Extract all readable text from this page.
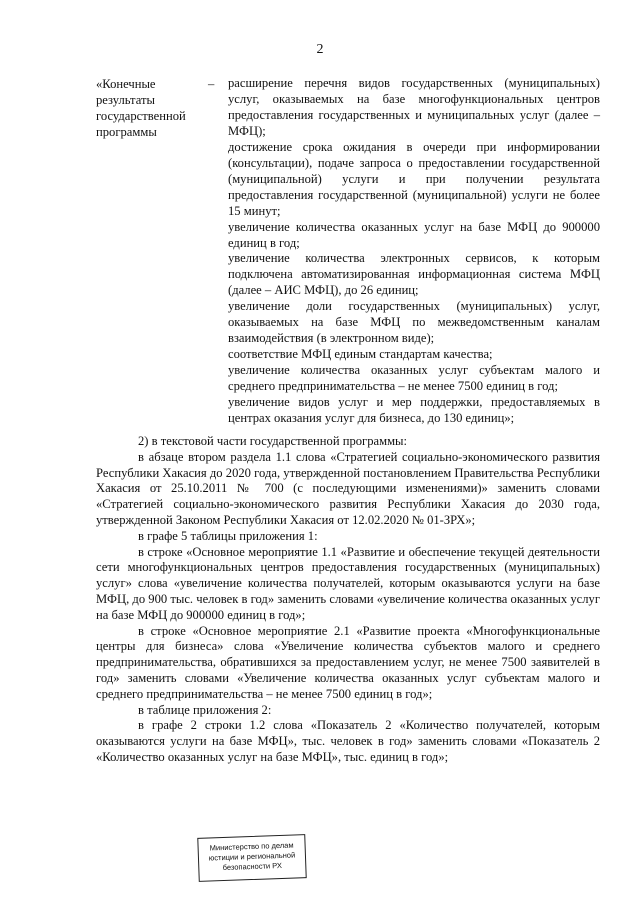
2
«Конечные результаты государственной программы
– расширение перечня видов государственных (муниципальных) услуг, оказываемых на базе многофункциональных центров предоставления государственных и муниципальных услуг (далее – МФЦ);

достижение срока ожидания в очереди при информировании (консультации), подаче запроса о предоставлении государственной (муниципальной) услуги и при получении результата предоставления государственной (муниципальной) услуги не более 15 минут;

увеличение количества оказанных услуг на базе МФЦ до 900000 единиц в год;

увеличение количества электронных сервисов, к которым подключена автоматизированная информационная система МФЦ (далее – АИС МФЦ), до 26 единиц;

увеличение доли государственных (муниципальных) услуг, оказываемых на базе МФЦ по межведомственным каналам взаимодействия (в электронном виде);

соответствие МФЦ единым стандартам качества;

увеличение количества оказанных услуг субъектам малого и среднего предпринимательства – не менее 7500 единиц в год;

увеличение видов услуг и мер поддержки, предоставляемых в центрах оказания услуг для бизнеса, до 130 единиц»;

2) в текстовой части государственной программы:

в абзаце втором раздела 1.1 слова «Стратегией социально-экономического развития Республики Хакасия до 2020 года, утвержденной постановлением Правительства Республики Хакасия от 25.10.2011 № 700 (с последующими изменениями)» заменить словами «Стратегией социально-экономического развития Республики Хакасия до 2030 года, утвержденной Законом Республики Хакасия от 12.02.2020 № 01-ЗРХ»;

в графе 5 таблицы приложения 1:

в строке «Основное мероприятие 1.1 «Развитие и обеспечение текущей деятельности сети многофункциональных центров предоставления государственных (муниципальных) услуг» слова «увеличение количества получателей, которым оказываются услуги на базе МФЦ, до 900 тыс. человек в год» заменить словами «увеличение количества оказанных услуг на базе МФЦ до 900000 единиц в год»;

в строке «Основное мероприятие 2.1 «Развитие проекта «Многофункциональные центры для бизнеса» слова «Увеличение количества субъектов малого и среднего предпринимательства, обратившихся за предоставлением услуг, не менее 7500 заявителей в год» заменить словами «Увеличение количества оказанных услуг субъектам малого и среднего предпринимательства – не менее 7500 единиц в год»;

в таблице приложения 2:

в графе 2 строки 1.2 слова «Показатель 2 «Количество получателей, которым оказываются услуги на базе МФЦ», тыс. человек в год» заменить словами «Показатель 2 «Количество оказанных услуг на базе МФЦ», тыс. единиц в год»;

Министерство по делам
юстиции и региональной
безопасности РХ
